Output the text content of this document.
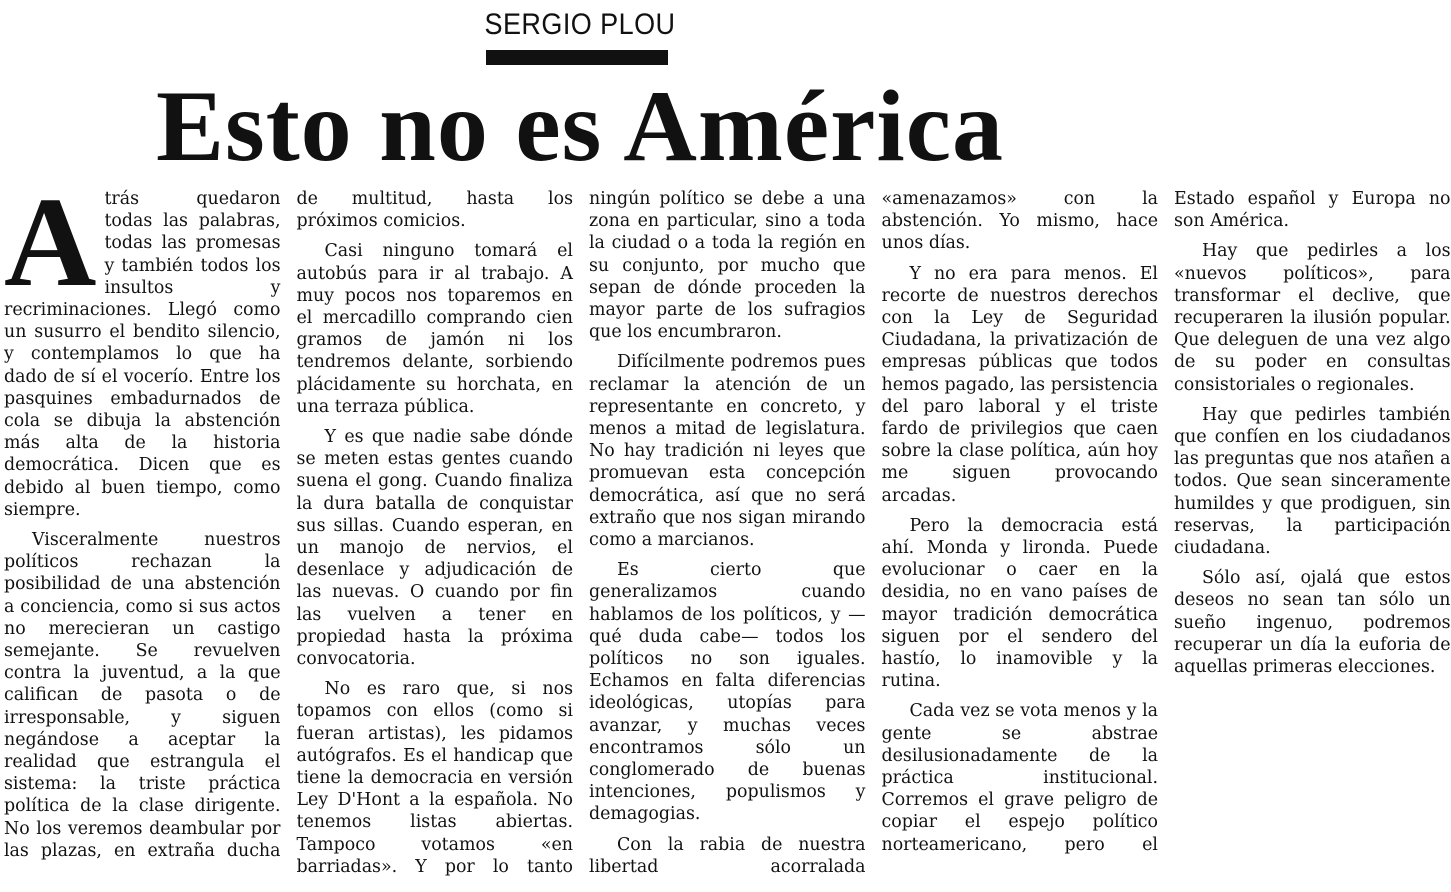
SERGIO PLOU
Esto no es América

Atrás quedaron todas las palabras, todas las promesas y también todos los insultos y recriminaciones. Llegó como un susurro el bendito silencio, y contemplamos lo que ha dado de sí el vocerío. Entre los pasquines embadurnados de cola se dibuja la abstención más alta de la historia democrática. Dicen que es debido al buen tiempo, como siempre.

Visceralmente nuestros políticos rechazan la posibilidad de una abstención a conciencia, como si sus actos no merecieran un castigo semejante. Se revuelven contra la juventud, a la que califican de pasota o de irresponsable, y siguen negándose a aceptar la realidad que estrangula el sistema: la triste práctica política de la clase dirigente. No los veremos deambular por las plazas, en extraña ducha de multitud, hasta los próximos comicios.

Casi ninguno tomará el autobús para ir al trabajo. A muy pocos nos toparemos en el mercadillo comprando cien gramos de jamón ni los tendremos delante, sorbiendo plácidamente su horchata, en una terraza pública.

Y es que nadie sabe dónde se meten estas gentes cuando suena el gong. Cuando finaliza la dura batalla de conquistar sus sillas. Cuando esperan, en un manojo de nervios, el desenlace y adjudicación de las nuevas. O cuando por fin las vuelven a tener en propiedad hasta la próxima convocatoria.

No es raro que, si nos topamos con ellos (como si fueran artistas), les pidamos autógrafos. Es el handicap que tiene la democracia en versión Ley D'Hont a la española. No tenemos listas abiertas. Tampoco votamos «en barriadas». Y por lo tanto ningún político se debe a una zona en particular, sino a toda la ciudad o a toda la región en su conjunto, por mucho que sepan de dónde proceden la mayor parte de los sufragios que los encumbraron.

Difícilmente podremos pues reclamar la atención de un representante en concreto, y menos a mitad de legislatura. No hay tradición ni leyes que promuevan esta concepción democrática, así que no será extraño que nos sigan mirando como a marcianos.

Es cierto que generalizamos cuando hablamos de los políticos, y —qué duda cabe— todos los políticos no son iguales. Echamos en falta diferencias ideológicas, utopías para avanzar, y muchas veces encontramos sólo un conglomerado de buenas intenciones, populismos y demagogias.

Con la rabia de nuestra libertad acorralada «amenazamos» con la abstención. Yo mismo, hace unos días.

Y no era para menos. El recorte de nuestros derechos con la Ley de Seguridad Ciudadana, la privatización de empresas públicas que todos hemos pagado, las persistencia del paro laboral y el triste fardo de privilegios que caen sobre la clase política, aún hoy me siguen provocando arcadas.

Pero la democracia está ahí. Monda y lironda. Puede evolucionar o caer en la desidia, no en vano países de mayor tradición democrática siguen por el sendero del hastío, lo inamovible y la rutina.

Cada vez se vota menos y la gente se abstrae desilusionadamente de la práctica institucional. Corremos el grave peligro de copiar el espejo político norteamericano, pero el Estado español y Europa no son América.

Hay que pedirles a los «nuevos políticos», para transformar el declive, que recuperaren la ilusión popular. Que deleguen de una vez algo de su poder en consultas consistoriales o regionales.

Hay que pedirles también que confíen en los ciudadanos las preguntas que nos atañen a todos. Que sean sinceramente humildes y que prodiguen, sin reservas, la participación ciudadana.

Sólo así, ojalá que estos deseos no sean tan sólo un sueño ingenuo, podremos recuperar un día la euforia de aquellas primeras elecciones.
